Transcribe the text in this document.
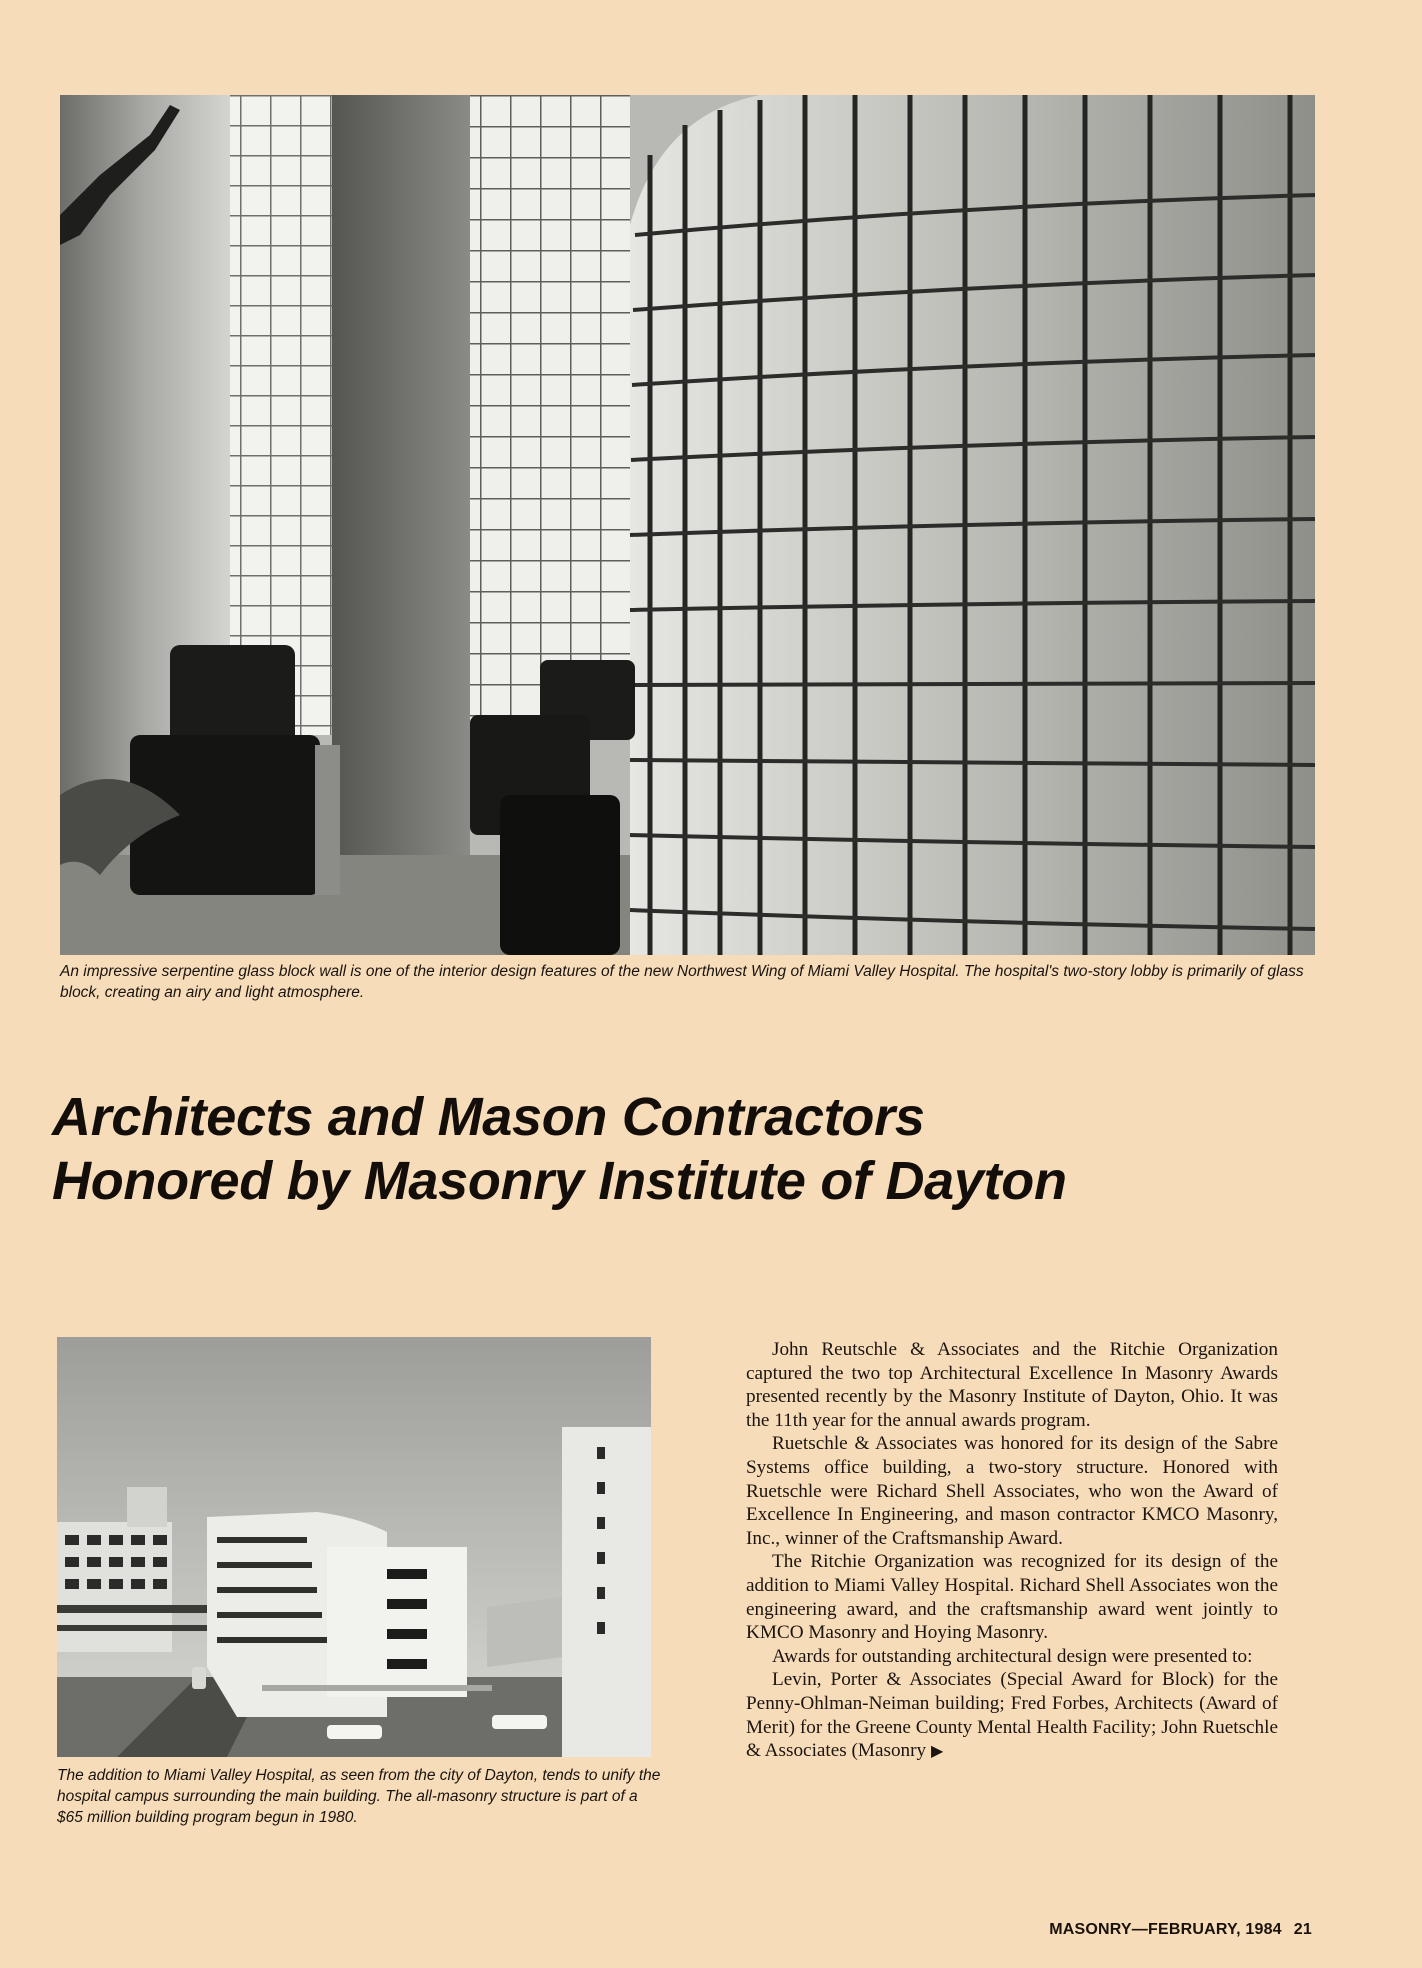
An impressive serpentine glass block wall is one of the interior design features of the new Northwest Wing of Miami Valley Hospital. The hospital's two-story lobby is primarily of glass block, creating an airy and light atmosphere.
Architects and Mason Contractors
Honored by Masonry Institute of Dayton
The addition to Miami Valley Hospital, as seen from the city of Dayton, tends to unify the hospital campus surrounding the main building. The all-masonry structure is part of a $65 million building program begun in 1980.

John Reutschle & Associates and the Ritchie Organization captured the two top Architectural Excellence In Masonry Awards presented recently by the Masonry Institute of Dayton, Ohio. It was the 11th year for the annual awards program.

Ruetschle & Associates was honored for its design of the Sabre Systems office building, a two-story structure. Honored with Ruetschle were Richard Shell Associates, who won the Award of Excellence In Engineering, and mason contractor KMCO Masonry, Inc., winner of the Craftsmanship Award.

The Ritchie Organization was recognized for its design of the addition to Miami Valley Hospital. Richard Shell Associates won the engineering award, and the craftsmanship award went jointly to KMCO Masonry and Hoying Masonry.

Awards for outstanding architectural design were presented to:

Levin, Porter & Associates (Special Award for Block) for the Penny-Ohlman-Neiman building; Fred Forbes, Architects (Award of Merit) for the Greene County Mental Health Facility; John Ruetschle & Associates (Masonry ▶

MASONRY—FEBRUARY, 1984 21
